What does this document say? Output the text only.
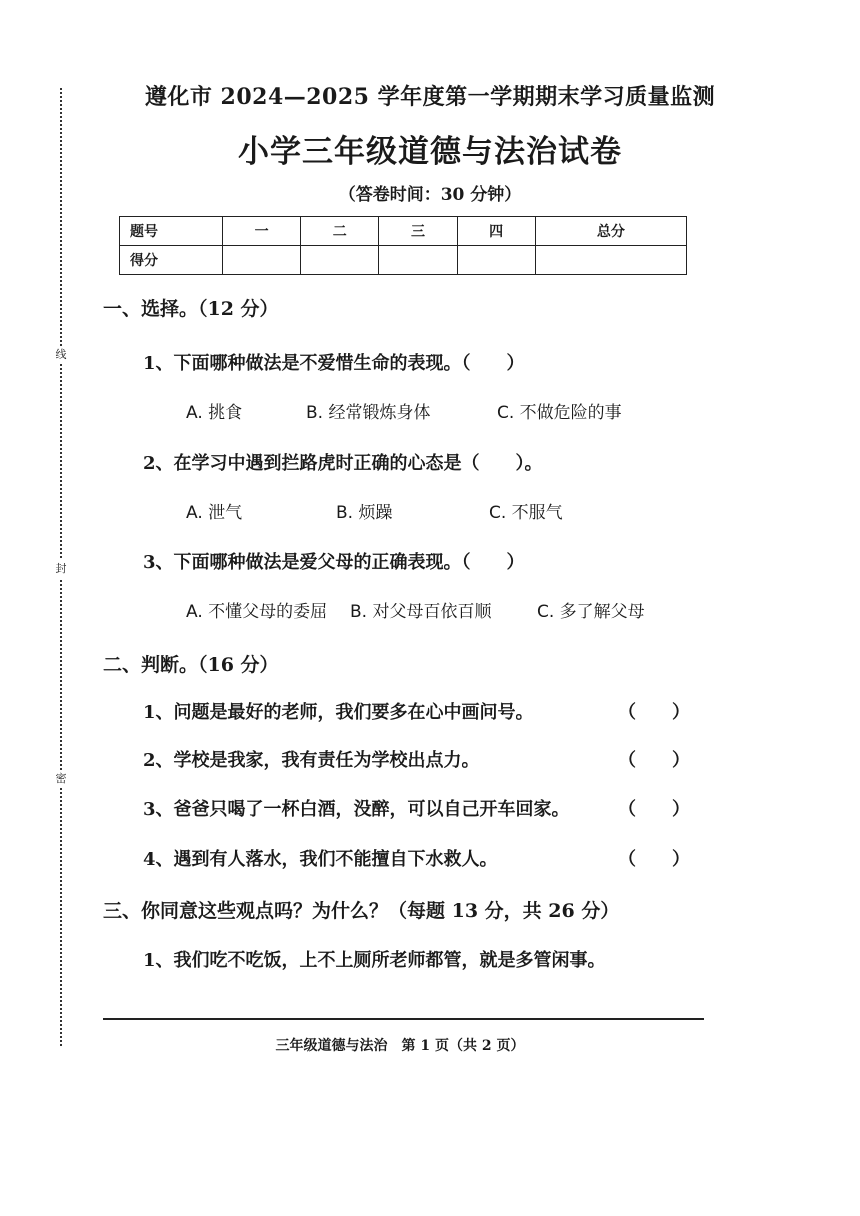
线
封
密
遵化市 2024—2025 学年度第一学期期末学习质量监测
小学三年级道德与法治试卷
（答卷时间：30 分钟）
题号	一	二	三	四	总分
得分					
一、选择。（12 分）
1、下面哪种做法是不爱惜生命的表现。（　　）
A. 挑食	B. 经常锻炼身体	C. 不做危险的事
2、在学习中遇到拦路虎时正确的心态是（　　）。
A. 泄气	B. 烦躁	C. 不服气
3、下面哪种做法是爱父母的正确表现。（　　）
A. 不懂父母的委屈 B. 对父母百依百顺	C. 多了解父母
二、判断。（16 分）
1、问题是最好的老师，我们要多在心中画问号。	（　　）
2、学校是我家，我有责任为学校出点力。	（　　）
3、爸爸只喝了一杯白酒，没醉，可以自己开车回家。	（　　）
4、遇到有人落水，我们不能擅自下水救人。	（　　）
三、你同意这些观点吗？为什么？（每题 13 分，共 26 分）
1、我们吃不吃饭，上不上厕所老师都管，就是多管闲事。
三年级道德与法治　第 1 页（共 2 页）
